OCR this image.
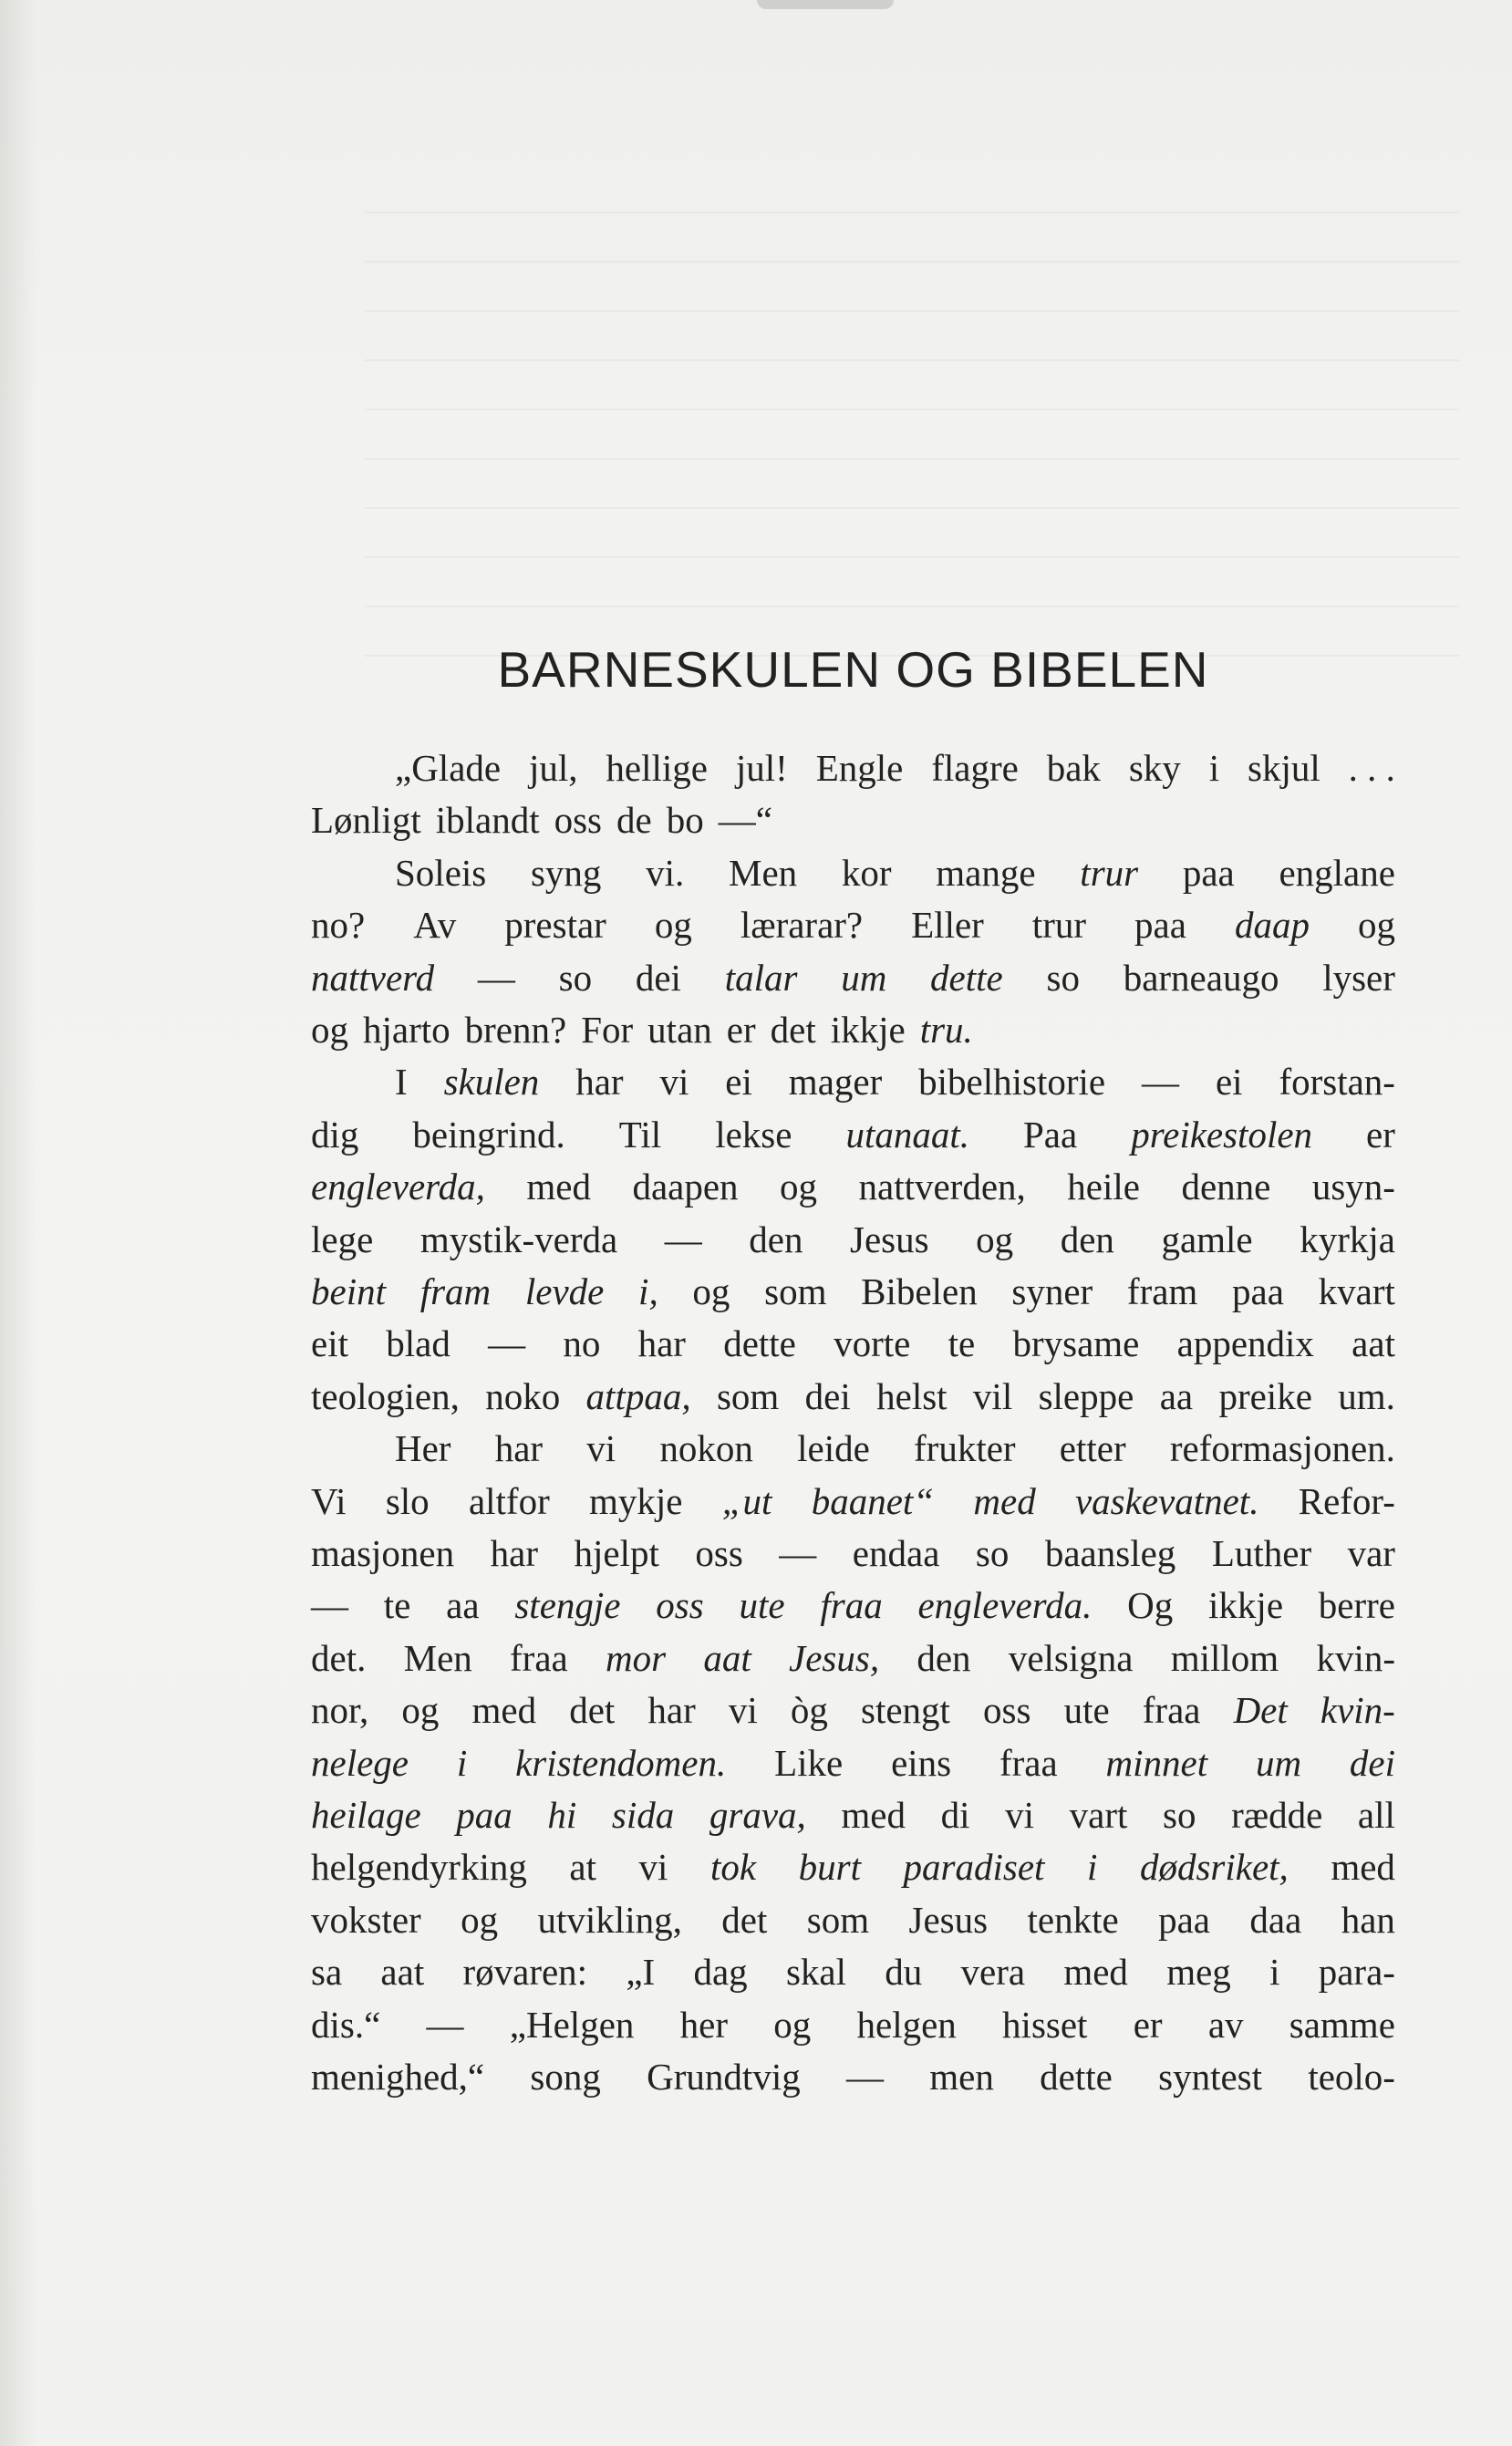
BARNESKULEN OG BIBELEN
„Glade jul, hellige jul! Engle flagre bak sky i skjul . . .
Lønligt iblandt oss de bo —“
Soleis syng vi. Men kor mange trur paa englane
no? Av prestar og lærarar? Eller trur paa daap og
nattverd — so dei talar um dette so barneaugo lyser
og hjarto brenn? For utan er det ikkje tru.
I skulen har vi ei mager bibelhistorie — ei forstan-
dig beingrind. Til lekse utanaat. Paa preikestolen er
engleverda, med daapen og nattverden, heile denne usyn-
lege mystik-verda — den Jesus og den gamle kyrkja
beint fram levde i, og som Bibelen syner fram paa kvart
eit blad — no har dette vorte te brysame appendix aat
teologien, noko attpaa, som dei helst vil sleppe aa preike um.
Her har vi nokon leide frukter etter reformasjonen.
Vi slo altfor mykje „ut baanet“ med vaskevatnet. Refor-
masjonen har hjelpt oss — endaa so baansleg Luther var
— te aa stengje oss ute fraa engleverda. Og ikkje berre
det. Men fraa mor aat Jesus, den velsigna millom kvin-
nor, og med det har vi òg stengt oss ute fraa Det kvin-
nelege i kristendomen. Like eins fraa minnet um dei
heilage paa hi sida grava, med di vi vart so rædde all
helgendyrking at vi tok burt paradiset i dødsriket, med
vokster og utvikling, det som Jesus tenkte paa daa han
sa aat røvaren: „I dag skal du vera med meg i para-
dis.“ — „Helgen her og helgen hisset er av samme
menighed,“ song Grundtvig — men dette syntest teolo-
